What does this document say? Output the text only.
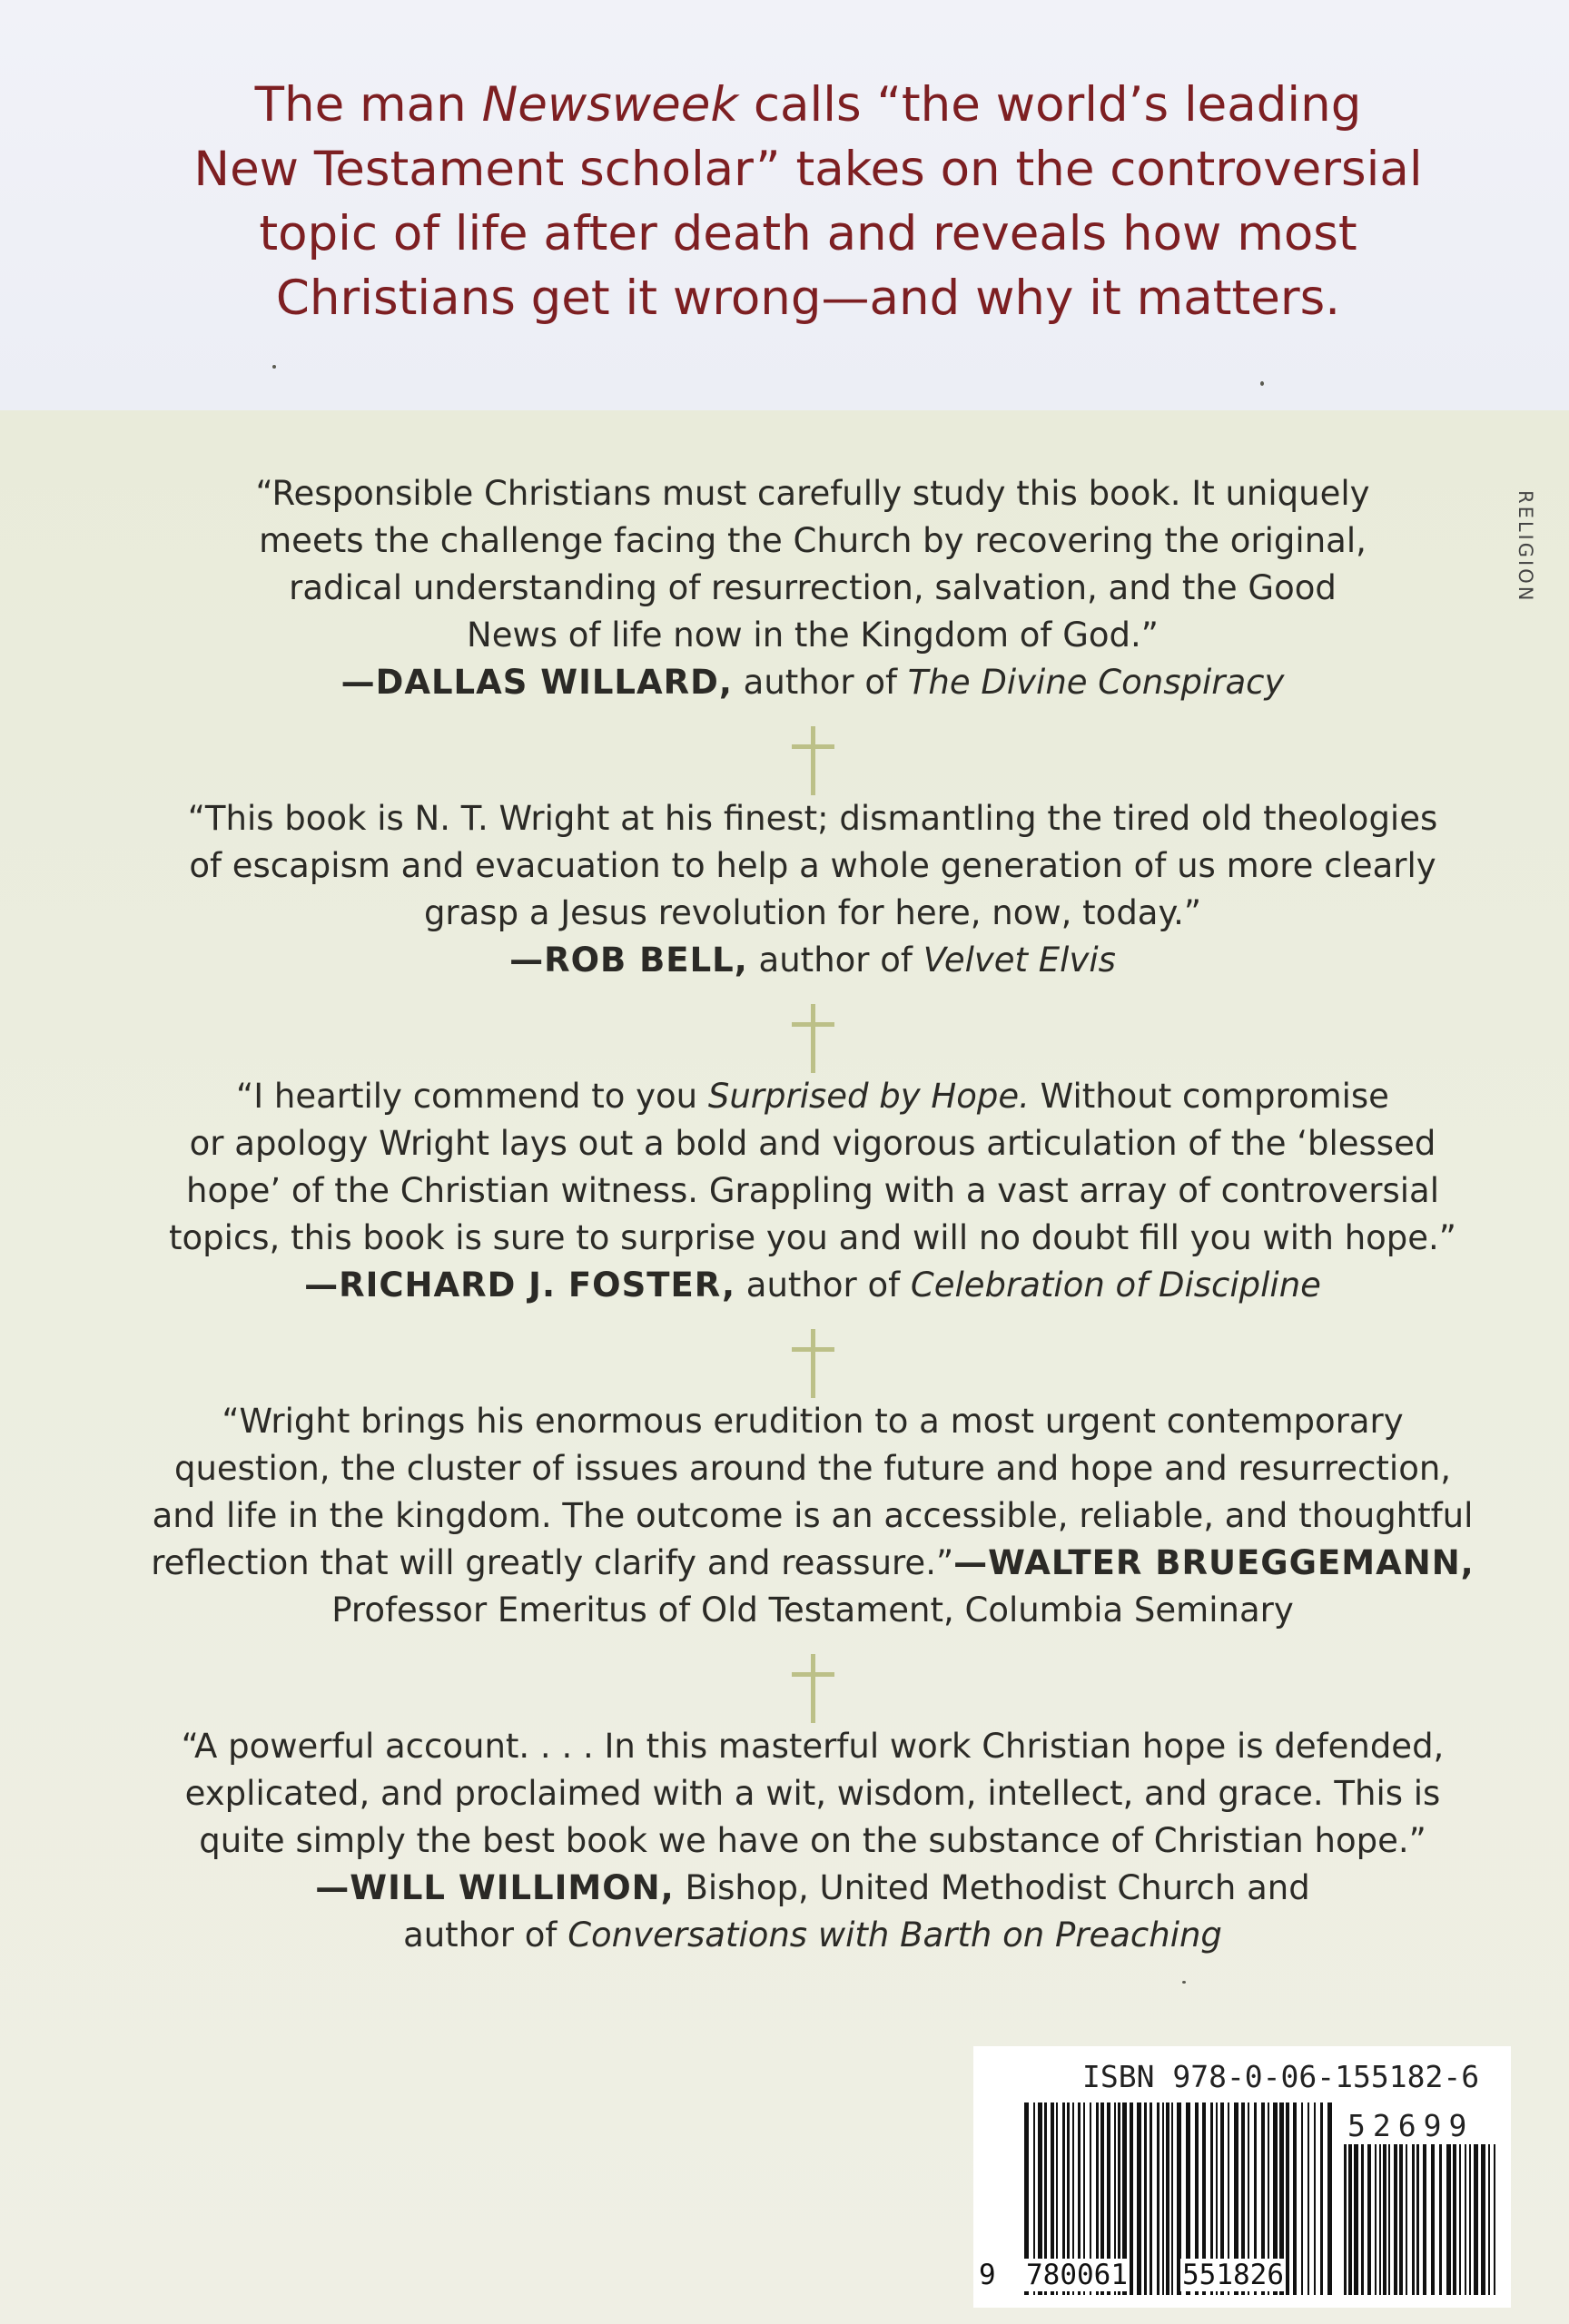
The man Newsweek calls “the world’s leading

New Testament scholar” takes on the controversial

topic of life after death and reveals how most

Christians get it wrong—and why it matters.

RELIGION

“Responsible Christians must carefully study this book. It uniquely

meets the challenge facing the Church by recovering the original,

radical understanding of resurrection, salvation, and the Good

News of life now in the Kingdom of God.”

—DALLAS WILLARD, author of The Divine Conspiracy

“This book is N. T. Wright at his finest; dismantling the tired old theologies

of escapism and evacuation to help a whole generation of us more clearly

grasp a Jesus revolution for here, now, today.”

—ROB BELL, author of Velvet Elvis

“I heartily commend to you Surprised by Hope. Without compromise

or apology Wright lays out a bold and vigorous articulation of the ‘blessed

hope’ of the Christian witness. Grappling with a vast array of controversial

topics, this book is sure to surprise you and will no doubt fill you with hope.”

—RICHARD J. FOSTER, author of Celebration of Discipline

“Wright brings his enormous erudition to a most urgent contemporary

question, the cluster of issues around the future and hope and resurrection,

and life in the kingdom. The outcome is an accessible, reliable, and thoughtful

reflection that will greatly clarify and reassure.”—WALTER BRUEGGEMANN,

Professor Emeritus of Old Testament, Columbia Seminary

“A powerful account. . . . In this masterful work Christian hope is defended,

explicated, and proclaimed with a wit, wisdom, intellect, and grace. This is

quite simply the best book we have on the substance of Christian hope.”

—WILL WILLIMON, Bishop, United Methodist Church and

author of Conversations with Barth on Preaching

ISBN 978-0-06-155182-6
52699
9 780061 551826
